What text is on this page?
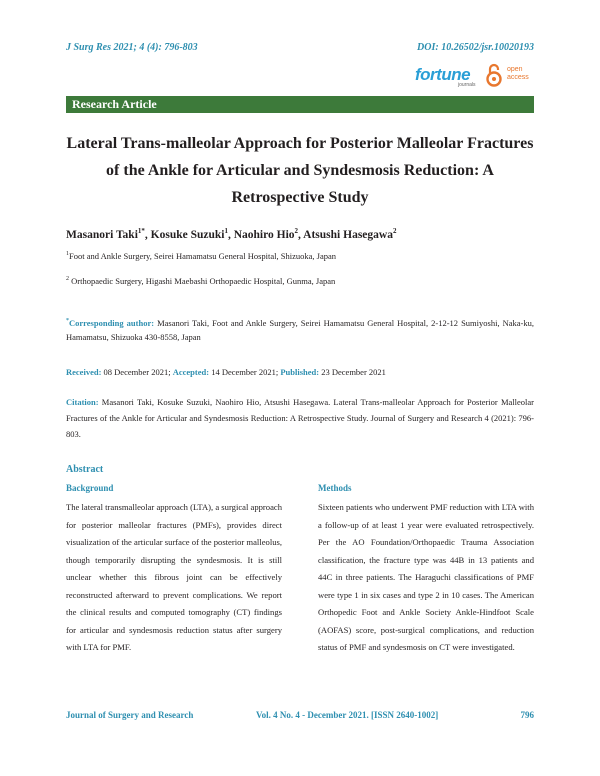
J Surg Res 2021; 4 (4): 796-803	DOI: 10.26502/jsr.10020193
fortune
journals
open
access
Research Article
Lateral Trans-malleolar Approach for Posterior Malleolar Fractures of the Ankle for Articular and Syndesmosis Reduction: A Retrospective Study
Masanori Taki$^{1*}$, Kosuke Suzuki$^1$, Naohiro Hio$^2$, Atsushi Hasegawa$^2$
$^1$Foot and Ankle Surgery, Seirei Hamamatsu General Hospital, Shizuoka, Japan
$^2$ Orthopaedic Surgery, Higashi Maebashi Orthopaedic Hospital, Gunma, Japan
*Corresponding author: Masanori Taki, Foot and Ankle Surgery, Seirei Hamamatsu General Hospital, 2-12-12 Sumiyoshi, Naka-ku, Hamamatsu, Shizuoka 430-8558, Japan
Received: 08 December 2021; Accepted: 14 December 2021; Published: 23 December 2021
Citation: Masanori Taki, Kosuke Suzuki, Naohiro Hio, Atsushi Hasegawa. Lateral Trans-malleolar Approach for Posterior Malleolar Fractures of the Ankle for Articular and Syndesmosis Reduction: A Retrospective Study. Journal of Surgery and Research 4 (2021): 796-803.
Abstract
Background	Methods
The lateral transmalleolar approach (LTA), a surgical approach for posterior malleolar fractures (PMFs), provides direct visualization of the articular surface of the posterior malleolus, though temporarily disrupting the syndesmosis. It is still unclear whether this fibrous joint can be effectively reconstructed afterward to prevent complications. We report the clinical results and computed tomography (CT) findings for articular and syndesmosis reduction status after surgery with LTA for PMF.
Sixteen patients who underwent PMF reduction with LTA with a follow-up of at least 1 year were evaluated retrospectively. Per the AO Foundation/Orthopaedic Trauma Association classification, the fracture type was 44B in 13 patients and 44C in three patients. The Haraguchi classifications of PMF were type 1 in six cases and type 2 in 10 cases. The American Orthopedic Foot and Ankle Society Ankle-Hindfoot Scale (AOFAS) score, post-surgical complications, and reduction status of PMF and syndesmosis on CT were investigated.
Journal of Surgery and Research	Vol. 4 No. 4 - December 2021. [ISSN 2640-1002]	796
